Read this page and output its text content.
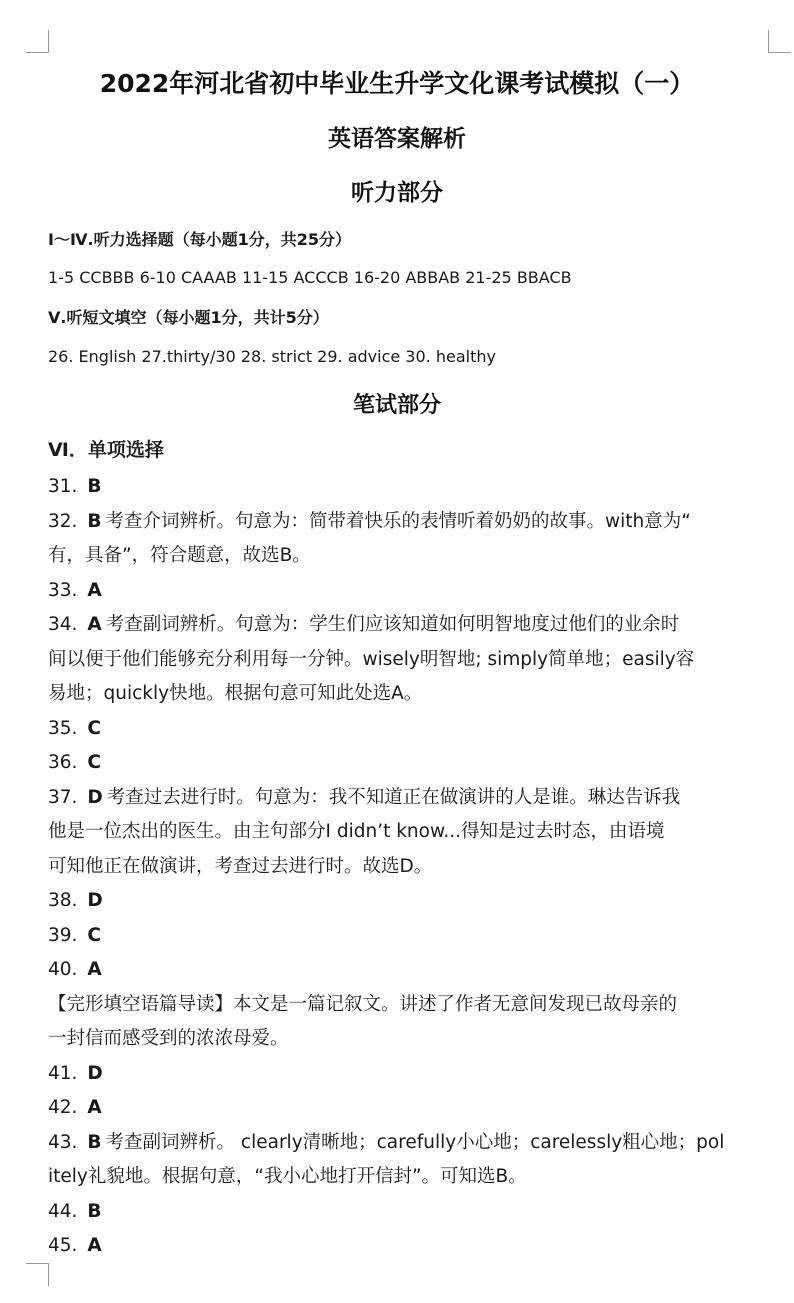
2022年河北省初中毕业生升学文化课考试模拟（一）
英语答案解析
听力部分
Ⅰ～Ⅳ.听力选择题（每小题1分，共25分）
1-5 CCBBB 6-10 CAAAB 11-15 ACCCB 16-20 ABBAB 21-25 BBACB
Ⅴ.听短文填空（每小题1分，共计5分）
26. English 27.thirty/30 28. strict 29. advice 30. healthy
笔试部分
Ⅵ．单项选择

31. B

32. B 考查介词辨析。句意为：简带着快乐的表情听着奶奶的故事。with意为“

有，具备”，符合题意，故选B。

33. A

34. A 考查副词辨析。句意为：学生们应该知道如何明智地度过他们的业余时

间以便于他们能够充分利用每一分钟。wisely明智地; simply简单地；easily容

易地；quickly快地。根据句意可知此处选A。

35. C

36. C

37. D 考查过去进行时。句意为：我不知道正在做演讲的人是谁。琳达告诉我

他是一位杰出的医生。由主句部分I didn’t know...得知是过去时态，由语境

可知他正在做演讲，考查过去进行时。故选D。

38. D

39. C

40. A

【完形填空语篇导读】本文是一篇记叙文。讲述了作者无意间发现已故母亲的

一封信而感受到的浓浓母爱。

41. D

42. A

43. B 考查副词辨析。 clearly清晰地；carefully小心地；carelessly粗心地；pol

itely礼貌地。根据句意，“我小心地打开信封”。可知选B。

44. B

45. A
